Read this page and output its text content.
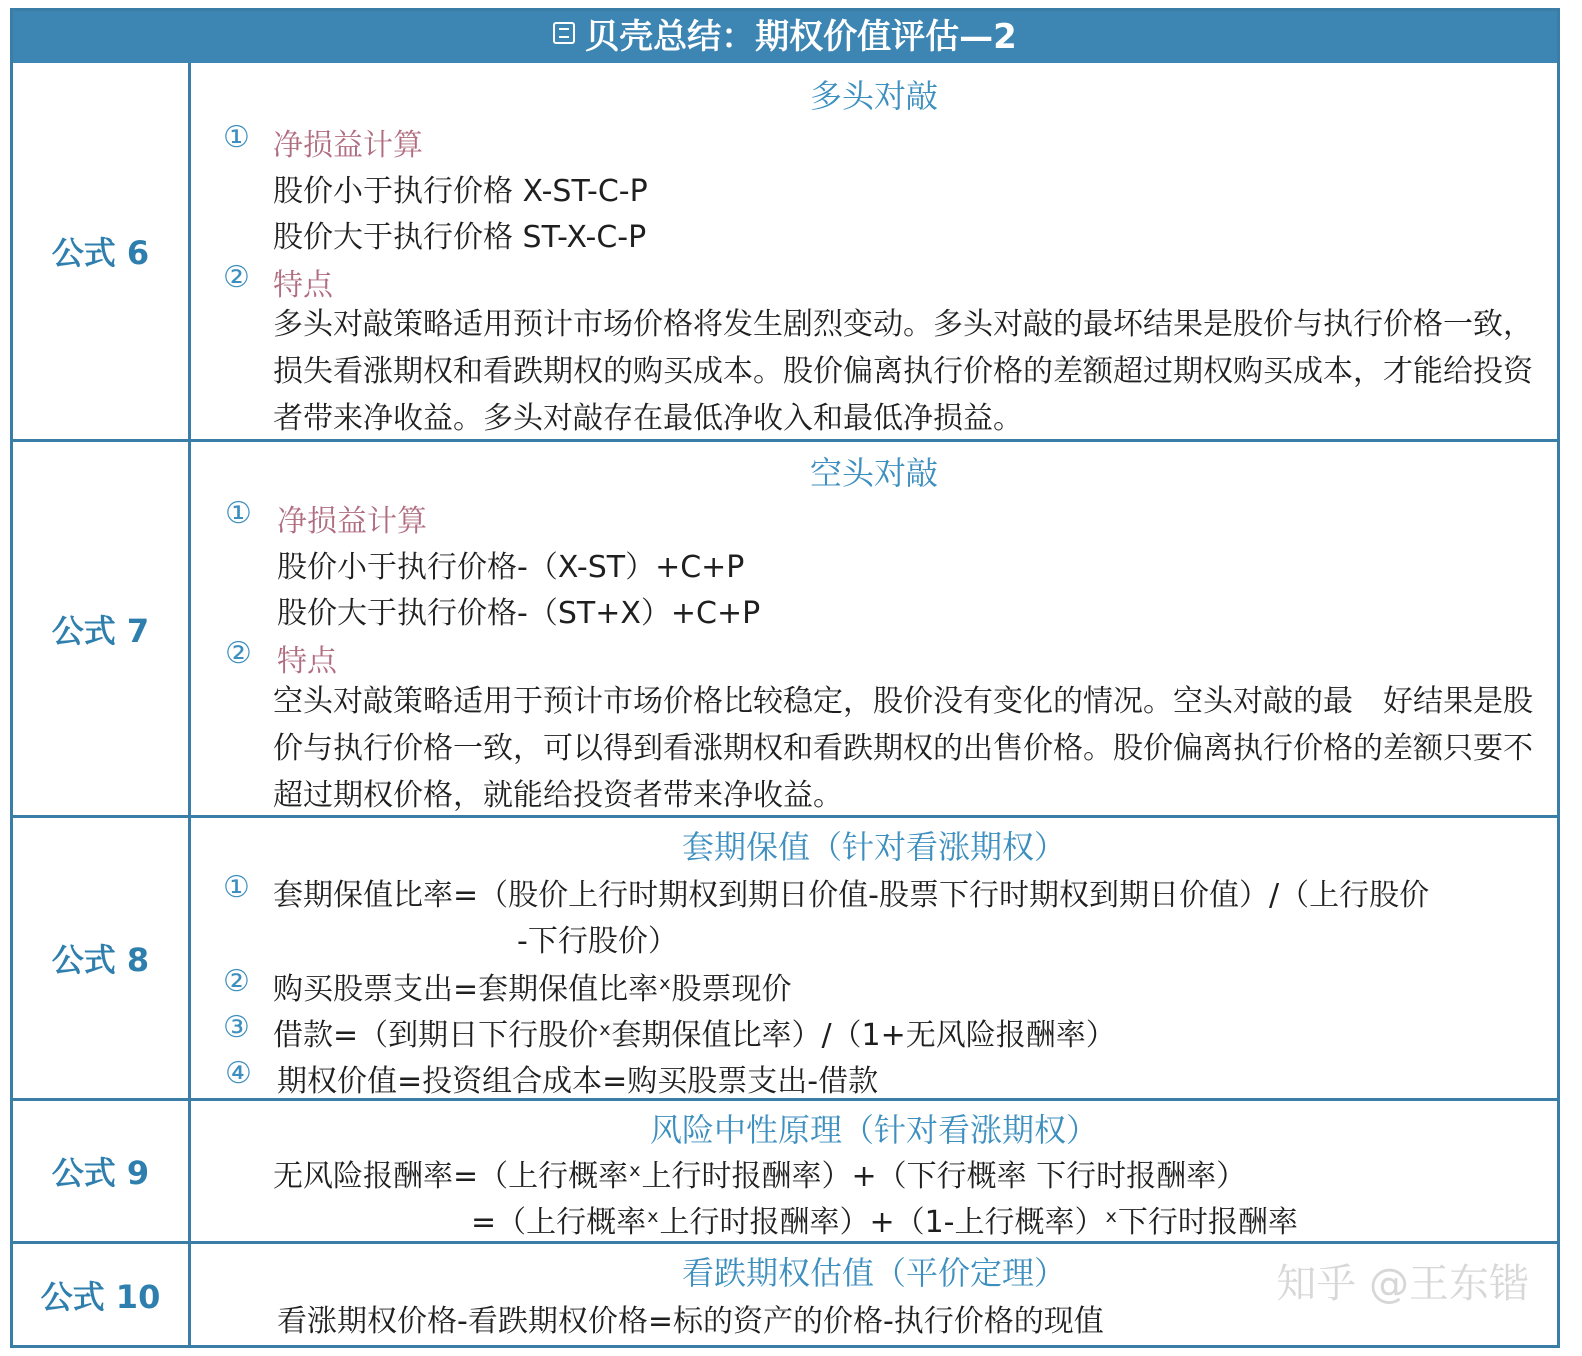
贝壳总结：期权价值评估—2
公式 6
多头对敲
① 净损益计算
股价小于执行价格 X-ST-C-P
股价大于执行价格 ST-X-C-P
② 特点
多头对敲策略适用预计市场价格将发生剧烈变动。多头对敲的最坏结果是股价与执行价格一致，损失看涨期权和看跌期权的购买成本。股价偏离执行价格的差额超过期权购买成本，才能给投资者带来净收益。多头对敲存在最低净收入和最低净损益。
公式 7
空头对敲
① 净损益计算
股价小于执行价格-（X-ST）+C+P
股价大于执行价格-（ST+X）+C+P
② 特点
空头对敲策略适用于预计市场价格比较稳定，股价没有变化的情况。空头对敲的最　好结果是股价与执行价格一致，可以得到看涨期权和看跌期权的出售价格。股价偏离执行价格的差额只要不超过期权价格，就能给投资者带来净收益。
公式 8
套期保值（针对看涨期权）
① 套期保值比率=（股价上行时期权到期日价值-股票下行时期权到期日价值）/（上行股价
-下行股价）
② 购买股票支出=套期保值比率ˣ股票现价
③ 借款=（到期日下行股价ˣ套期保值比率）/（1+无风险报酬率）
④ 期权价值=投资组合成本=购买股票支出-借款
公式 9
风险中性原理（针对看涨期权）
无风险报酬率=（上行概率ˣ上行时报酬率）+（下行概率 下行时报酬率）
=（上行概率ˣ上行时报酬率）+（1-上行概率）ˣ下行时报酬率
公式 10
看跌期权估值（平价定理）
看涨期权价格-看跌期权价格=标的资产的价格-执行价格的现值
知乎 @王东锴
